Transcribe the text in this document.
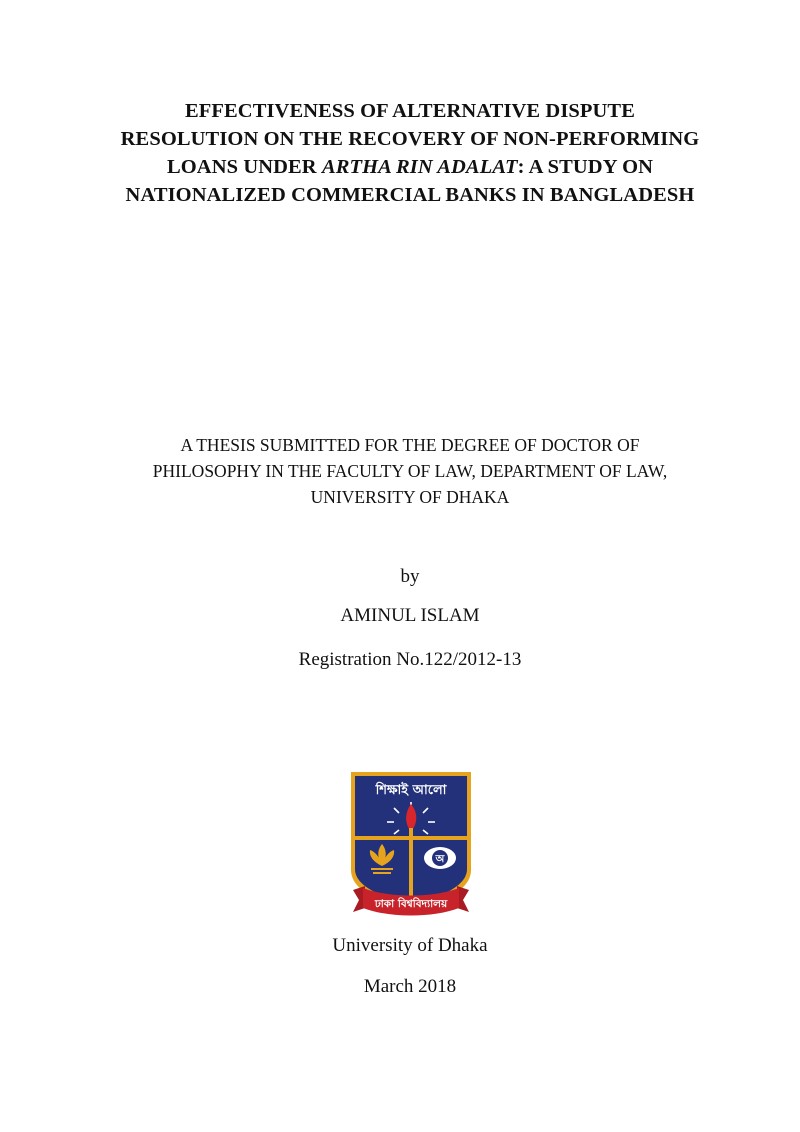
EFFECTIVENESS OF ALTERNATIVE DISPUTE
RESOLUTION ON THE RECOVERY OF NON-PERFORMING
LOANS UNDER ARTHA RIN ADALAT: A STUDY ON
NATIONALIZED COMMERCIAL BANKS IN BANGLADESH
A THESIS SUBMITTED FOR THE DEGREE OF DOCTOR OF
PHILOSOPHY IN THE FACULTY OF LAW, DEPARTMENT OF LAW,
UNIVERSITY OF DHAKA
by
AMINUL ISLAM
Registration No.122/2012-13
শিক্ষাই আলো
অ
ঢাকা বিশ্ববিদ্যালয়
University of Dhaka
March 2018
